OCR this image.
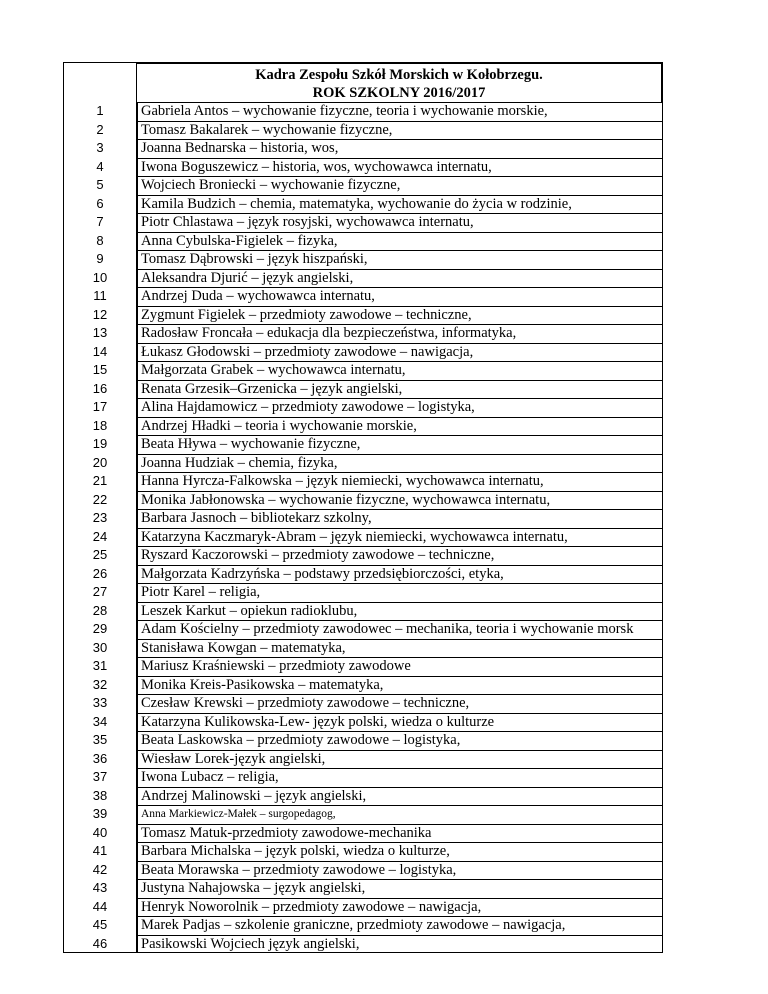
Kadra Zespołu Szkół Morskich w Kołobrzegu.
ROK SZKOLNY 2016/2017
1	Gabriela Antos – wychowanie fizyczne, teoria i wychowanie morskie,
2	Tomasz Bakalarek – wychowanie fizyczne,
3	Joanna Bednarska – historia, wos,
4	Iwona Boguszewicz – historia, wos, wychowawca internatu,
5	Wojciech Broniecki – wychowanie fizyczne,
6	Kamila Budzich – chemia, matematyka, wychowanie do życia w rodzinie,
7	Piotr Chlastawa – język rosyjski, wychowawca internatu,
8	Anna Cybulska-Figielek – fizyka,
9	Tomasz Dąbrowski – język hiszpański,
10	Aleksandra Djurić – język angielski,
11	Andrzej Duda – wychowawca internatu,
12	Zygmunt Figielek – przedmioty zawodowe – techniczne,
13	Radosław Froncała – edukacja dla bezpieczeństwa, informatyka,
14	Łukasz Głodowski – przedmioty zawodowe – nawigacja,
15	Małgorzata Grabek – wychowawca internatu,
16	Renata Grzesik–Grzenicka – język angielski,
17	Alina Hajdamowicz – przedmioty zawodowe – logistyka,
18	Andrzej Hładki – teoria i wychowanie morskie,
19	Beata Hływa – wychowanie fizyczne,
20	Joanna Hudziak – chemia, fizyka,
21	Hanna Hyrcza-Falkowska – język niemiecki, wychowawca internatu,
22	Monika Jabłonowska – wychowanie fizyczne, wychowawca internatu,
23	Barbara Jasnoch – bibliotekarz szkolny,
24	Katarzyna Kaczmaryk-Abram – język niemiecki, wychowawca internatu,
25	Ryszard Kaczorowski – przedmioty zawodowe – techniczne,
26	Małgorzata Kadrzyńska – podstawy przedsiębiorczości, etyka,
27	Piotr Karel – religia,
28	Leszek Karkut – opiekun radioklubu,
29	Adam Kościelny – przedmioty zawodowec – mechanika, teoria i wychowanie morsk
30	Stanisława Kowgan – matematyka,
31	Mariusz Kraśniewski – przedmioty zawodowe
32	Monika Kreis-Pasikowska – matematyka,
33	Czesław Krewski – przedmioty zawodowe – techniczne,
34	Katarzyna Kulikowska-Lew- język polski, wiedza o kulturze
35	Beata Laskowska – przedmioty zawodowe – logistyka,
36	Wiesław Lorek-język angielski,
37	Iwona Lubacz – religia,
38	Andrzej Malinowski – język angielski,
39	Anna Markiewicz-Małek – surgopedagog,
40	Tomasz Matuk-przedmioty zawodowe-mechanika
41	Barbara Michalska – język polski, wiedza o kulturze,
42	Beata Morawska – przedmioty zawodowe – logistyka,
43	Justyna Nahajowska – język angielski,
44	Henryk Noworolnik – przedmioty zawodowe – nawigacja,
45	Marek Padjas – szkolenie graniczne, przedmioty zawodowe – nawigacja,
46	Pasikowski Wojciech język angielski,
